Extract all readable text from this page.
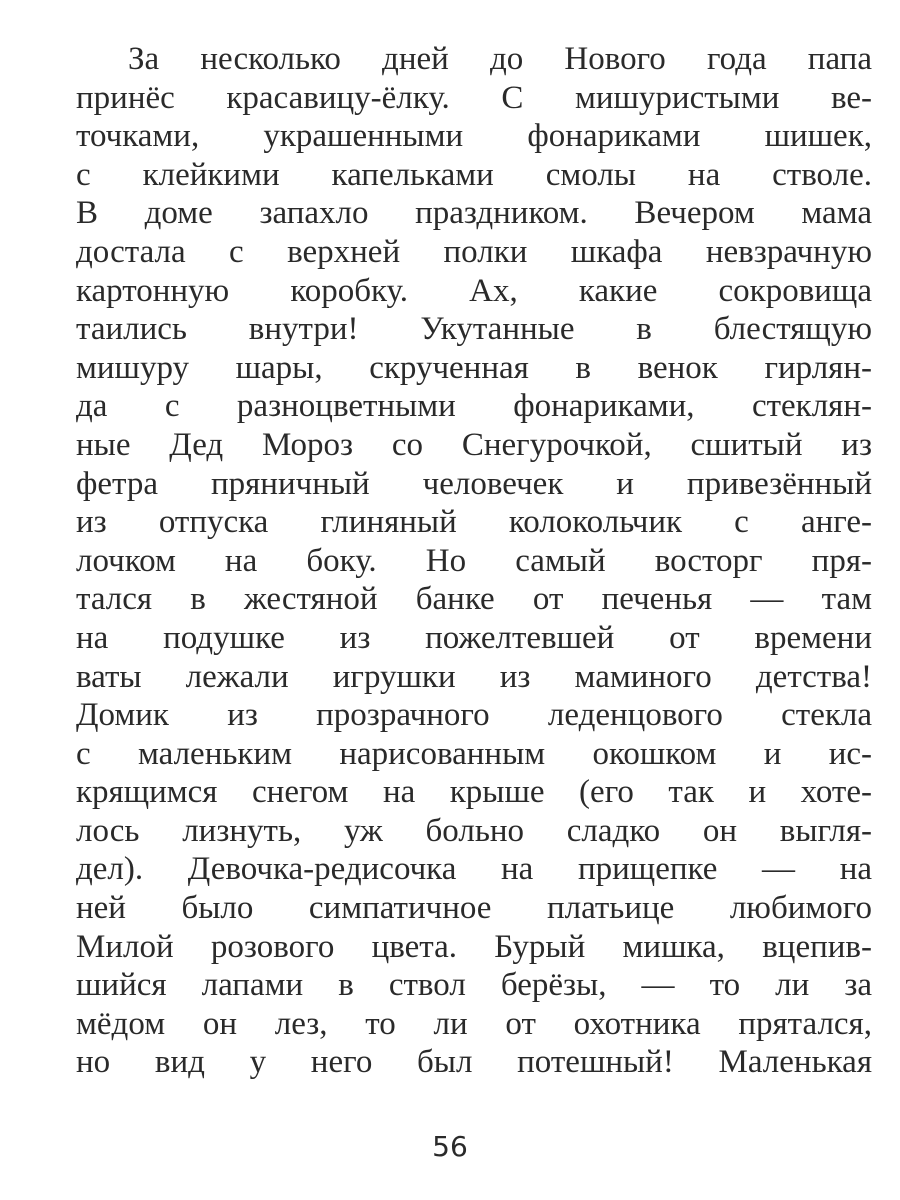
За несколько дней до Нового года папа
принёс красавицу-ёлку. С мишуристыми ве-
точками, украшенными фонариками шишек,
с клейкими капельками смолы на стволе.
В доме запахло праздником. Вечером мама
достала с верхней полки шкафа невзрачную
картонную коробку. Ах, какие сокровища
таились внутри! Укутанные в блестящую
мишуру шары, скрученная в венок гирлян-
да с разноцветными фонариками, стеклян-
ные Дед Мороз со Снегурочкой, сшитый из
фетра пряничный человечек и привезённый
из отпуска глиняный колокольчик с анге-
лочком на боку. Но самый восторг пря-
тался в жестяной банке от печенья — там
на подушке из пожелтевшей от времени
ваты лежали игрушки из маминого детства!
Домик из прозрачного леденцового стекла
с маленьким нарисованным окошком и ис-
крящимся снегом на крыше (его так и хоте-
лось лизнуть, уж больно сладко он выгля-
дел). Девочка-редисочка на прищепке — на
ней было симпатичное платьице любимого
Милой розового цвета. Бурый мишка, вцепив-
шийся лапами в ствол берёзы, — то ли за
мёдом он лез, то ли от охотника прятался,
но вид у него был потешный! Маленькая
56
